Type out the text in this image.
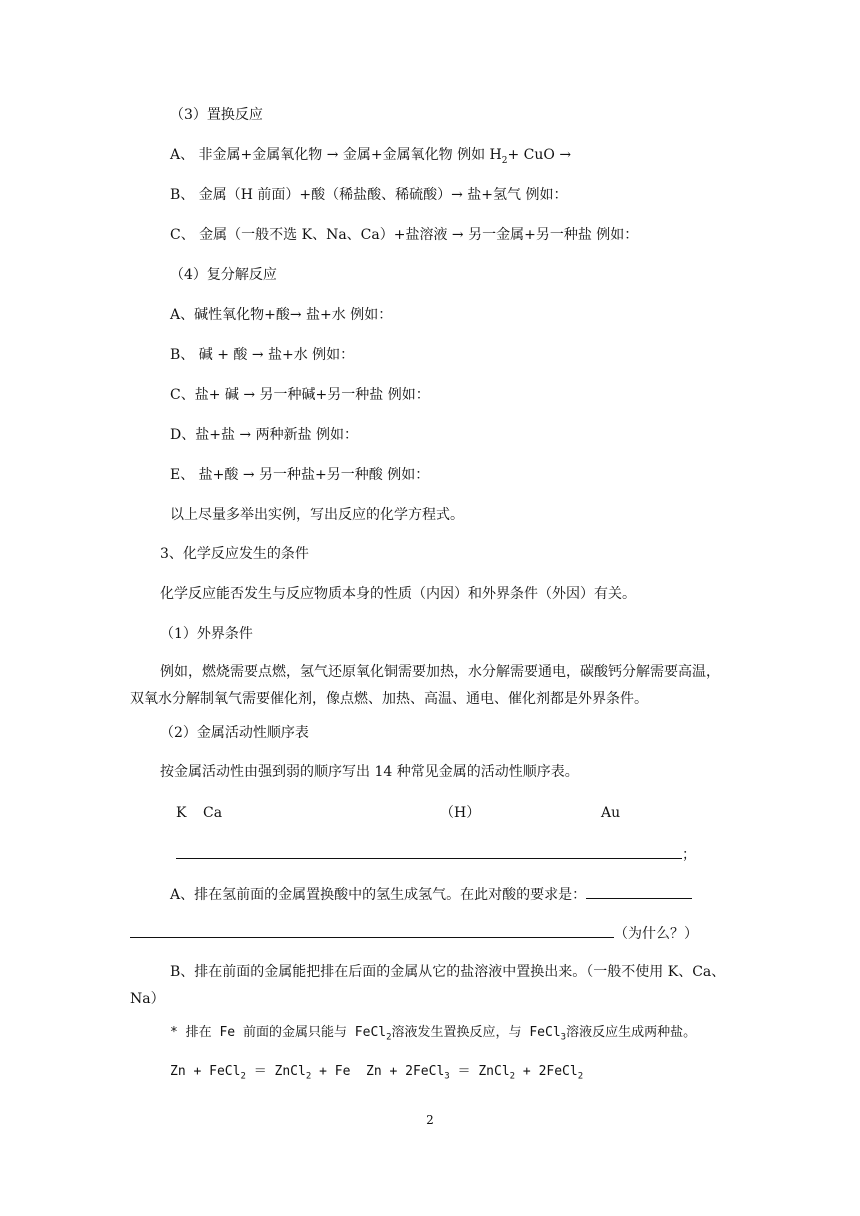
（3）置换反应
A、 非金属+金属氧化物 → 金属+金属氧化物 例如 $H_2+$ CuO →
B、 金属（H 前面）+酸（稀盐酸、稀硫酸）→ 盐+氢气 例如：
C、 金属（一般不选 K、Na、Ca）+盐溶液 → 另一金属+另一种盐 例如：
（4）复分解反应
A、碱性氧化物+酸→ 盐+水 例如：
B、 碱 + 酸 → 盐+水 例如：
C、盐+ 碱 → 另一种碱+另一种盐 例如：
D、盐+盐 → 两种新盐 例如：
E、 盐+酸 → 另一种盐+另一种酸 例如：
以上尽量多举出实例，写出反应的化学方程式。
3、化学反应发生的条件
化学反应能否发生与反应物质本身的性质（内因）和外界条件（外因）有关。
（1）外界条件
例如，燃烧需要点燃，氢气还原氧化铜需要加热，水分解需要通电，碳酸钙分解需要高温，双氧水分解制氧气需要催化剂，像点燃、加热、高温、通电、催化剂都是外界条件。
（2）金属活动性顺序表
按金属活动性由强到弱的顺序写出 14 种常见金属的活动性顺序表。
K Ca	（H）	Au
；
A、排在氢前面的金属置换酸中的氢生成氢气。在此对酸的要求是：
（为什么？）
B、排在前面的金属能把排在后面的金属从它的盐溶液中置换出来。（一般不使用 K、Ca、Na）
* 排在 Fe 前面的金属只能与 FeCl$_2$溶液发生置换反应，与 FeCl$_3$溶液反应生成两种盐。
Zn + FeCl$_2$ ＝ ZnCl$_2$ + Fe Zn + 2FeCl$_3$ ＝ ZnCl$_2$ + 2FeCl$_2$
2
